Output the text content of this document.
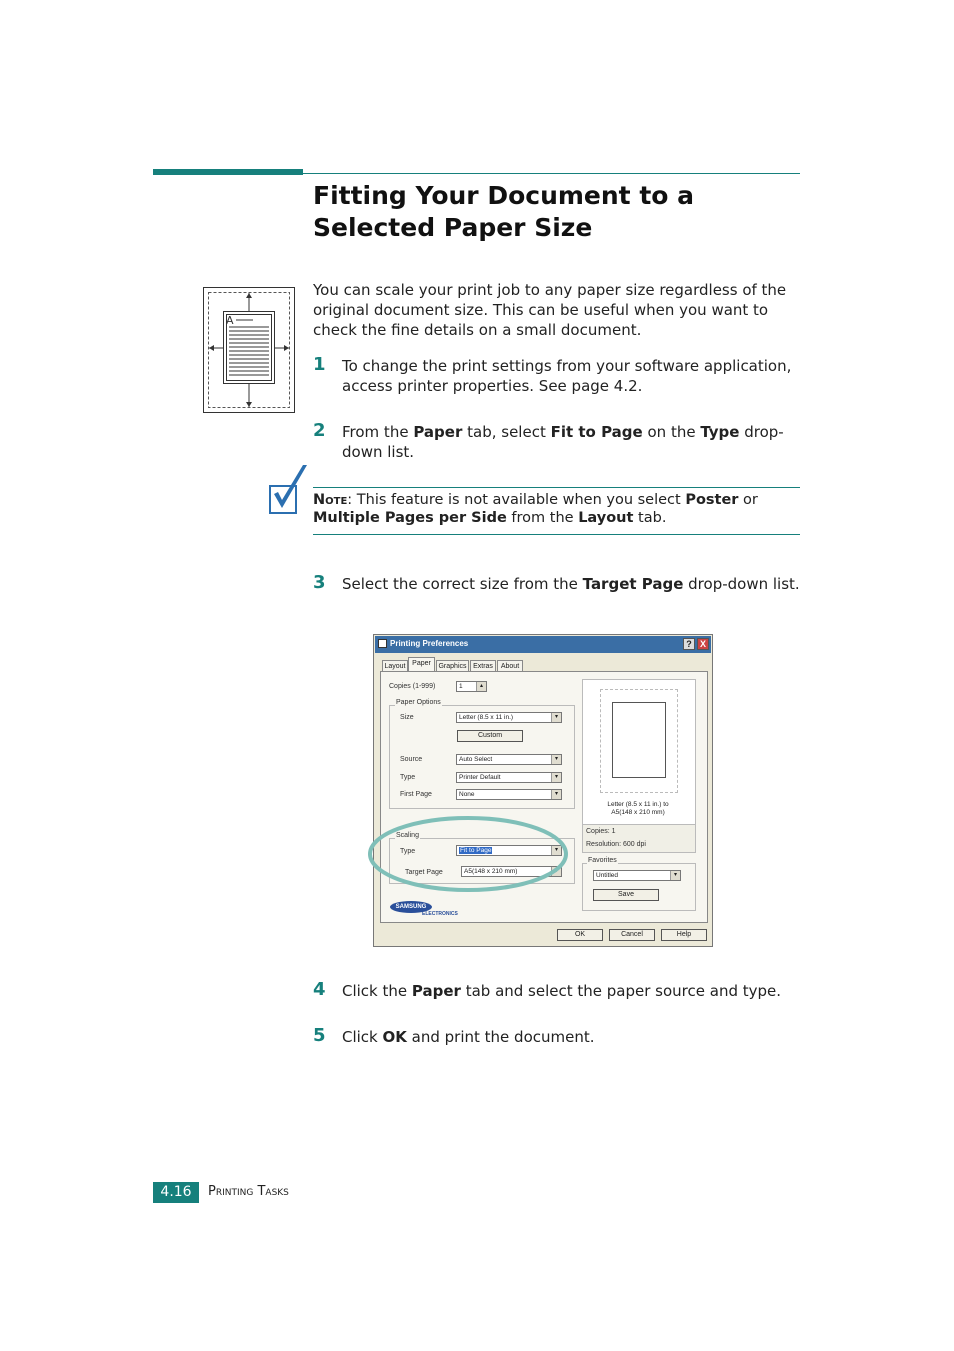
Fitting Your Document to a Selected Paper Size
A
You can scale your print job to any paper size regardless of the original document size. This can be useful when you want to check the fine details on a small document.
1 To change the print settings from your software application, access printer properties. See page 4.2.
2 From the Paper tab, select Fit to Page on the Type drop-down list.
Note: This feature is not available when you select Poster or Multiple Pages per Side from the Layout tab.
3 Select the correct size from the Target Page drop-down list.
Printing Preferences	? X
Layout Paper	Graphics Extras	About
Copies (1-999)	1	▴
Paper Options
Size	Letter (8.5 x 11 in.)	▾
Custom
Source	Auto Select	▾
Type	Printer Default	▾
First Page	None	▾
Scaling
Type	Fit to Page	▾
Target Page	A5(148 x 210 mm)	▾
Letter (8.5 x 11 in.) to
A5(148 x 210 mm)
Copies: 1
Resolution: 600 dpi
Favorites
Untitled	▾
Save
SAMSUNG
ELECTRONICS
OK	Cancel	Help
4 Click the Paper tab and select the paper source and type.
5 Click OK and print the document.
4.16	Printing Tasks
